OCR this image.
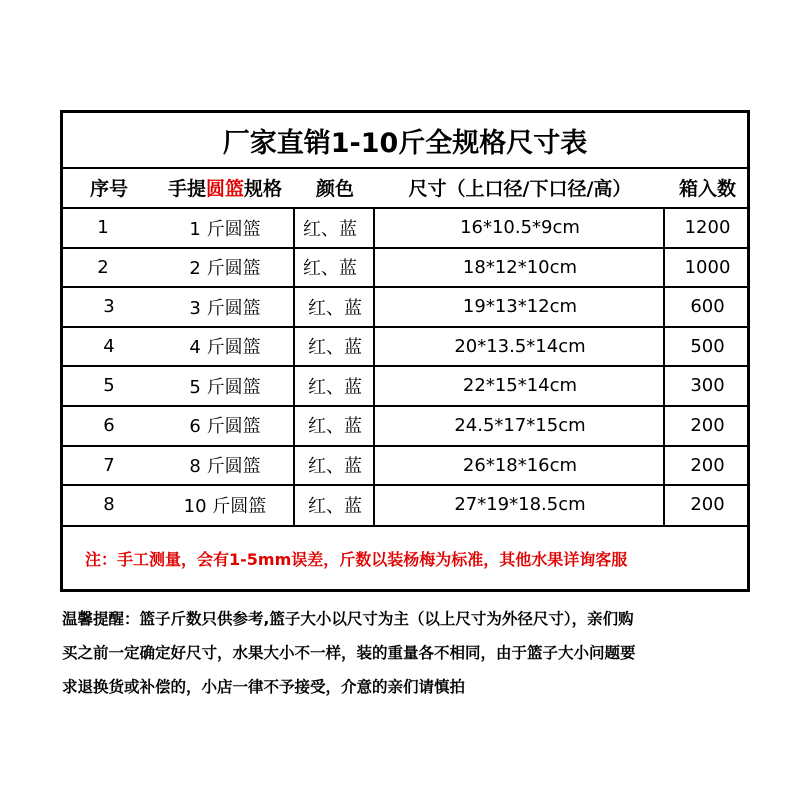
厂家直销1-10斤全规格尺寸表
序号	手提 圆篮 规格	颜色	尺寸（上口径/下口径/高）	箱入数
1	1 斤圆篮	红、蓝	16*10.5*9cm	1200
2	2 斤圆篮	红、蓝	18*12*10cm	1000
3	3 斤圆篮	红、蓝	19*13*12cm	600
4	4 斤圆篮	红、蓝	20*13.5*14cm	500
5	5 斤圆篮	红、蓝	22*15*14cm	300
6	6 斤圆篮	红、蓝	24.5*17*15cm	200
7	8 斤圆篮	红、蓝	26*18*16cm	200
8	10 斤圆篮	红、蓝	27*19*18.5cm	200
注：手工测量，会有1-5mm误差，斤数以装杨梅为标准，其他水果详询客服
温馨提醒：篮子斤数只供参考,篮子大小以尺寸为主（以上尺寸为外径尺寸），亲们购
买之前一定确定好尺寸，水果大小不一样，装的重量各不相同，由于篮子大小问题要
求退换货或补偿的，小店一律不予接受，介意的亲们请慎拍
